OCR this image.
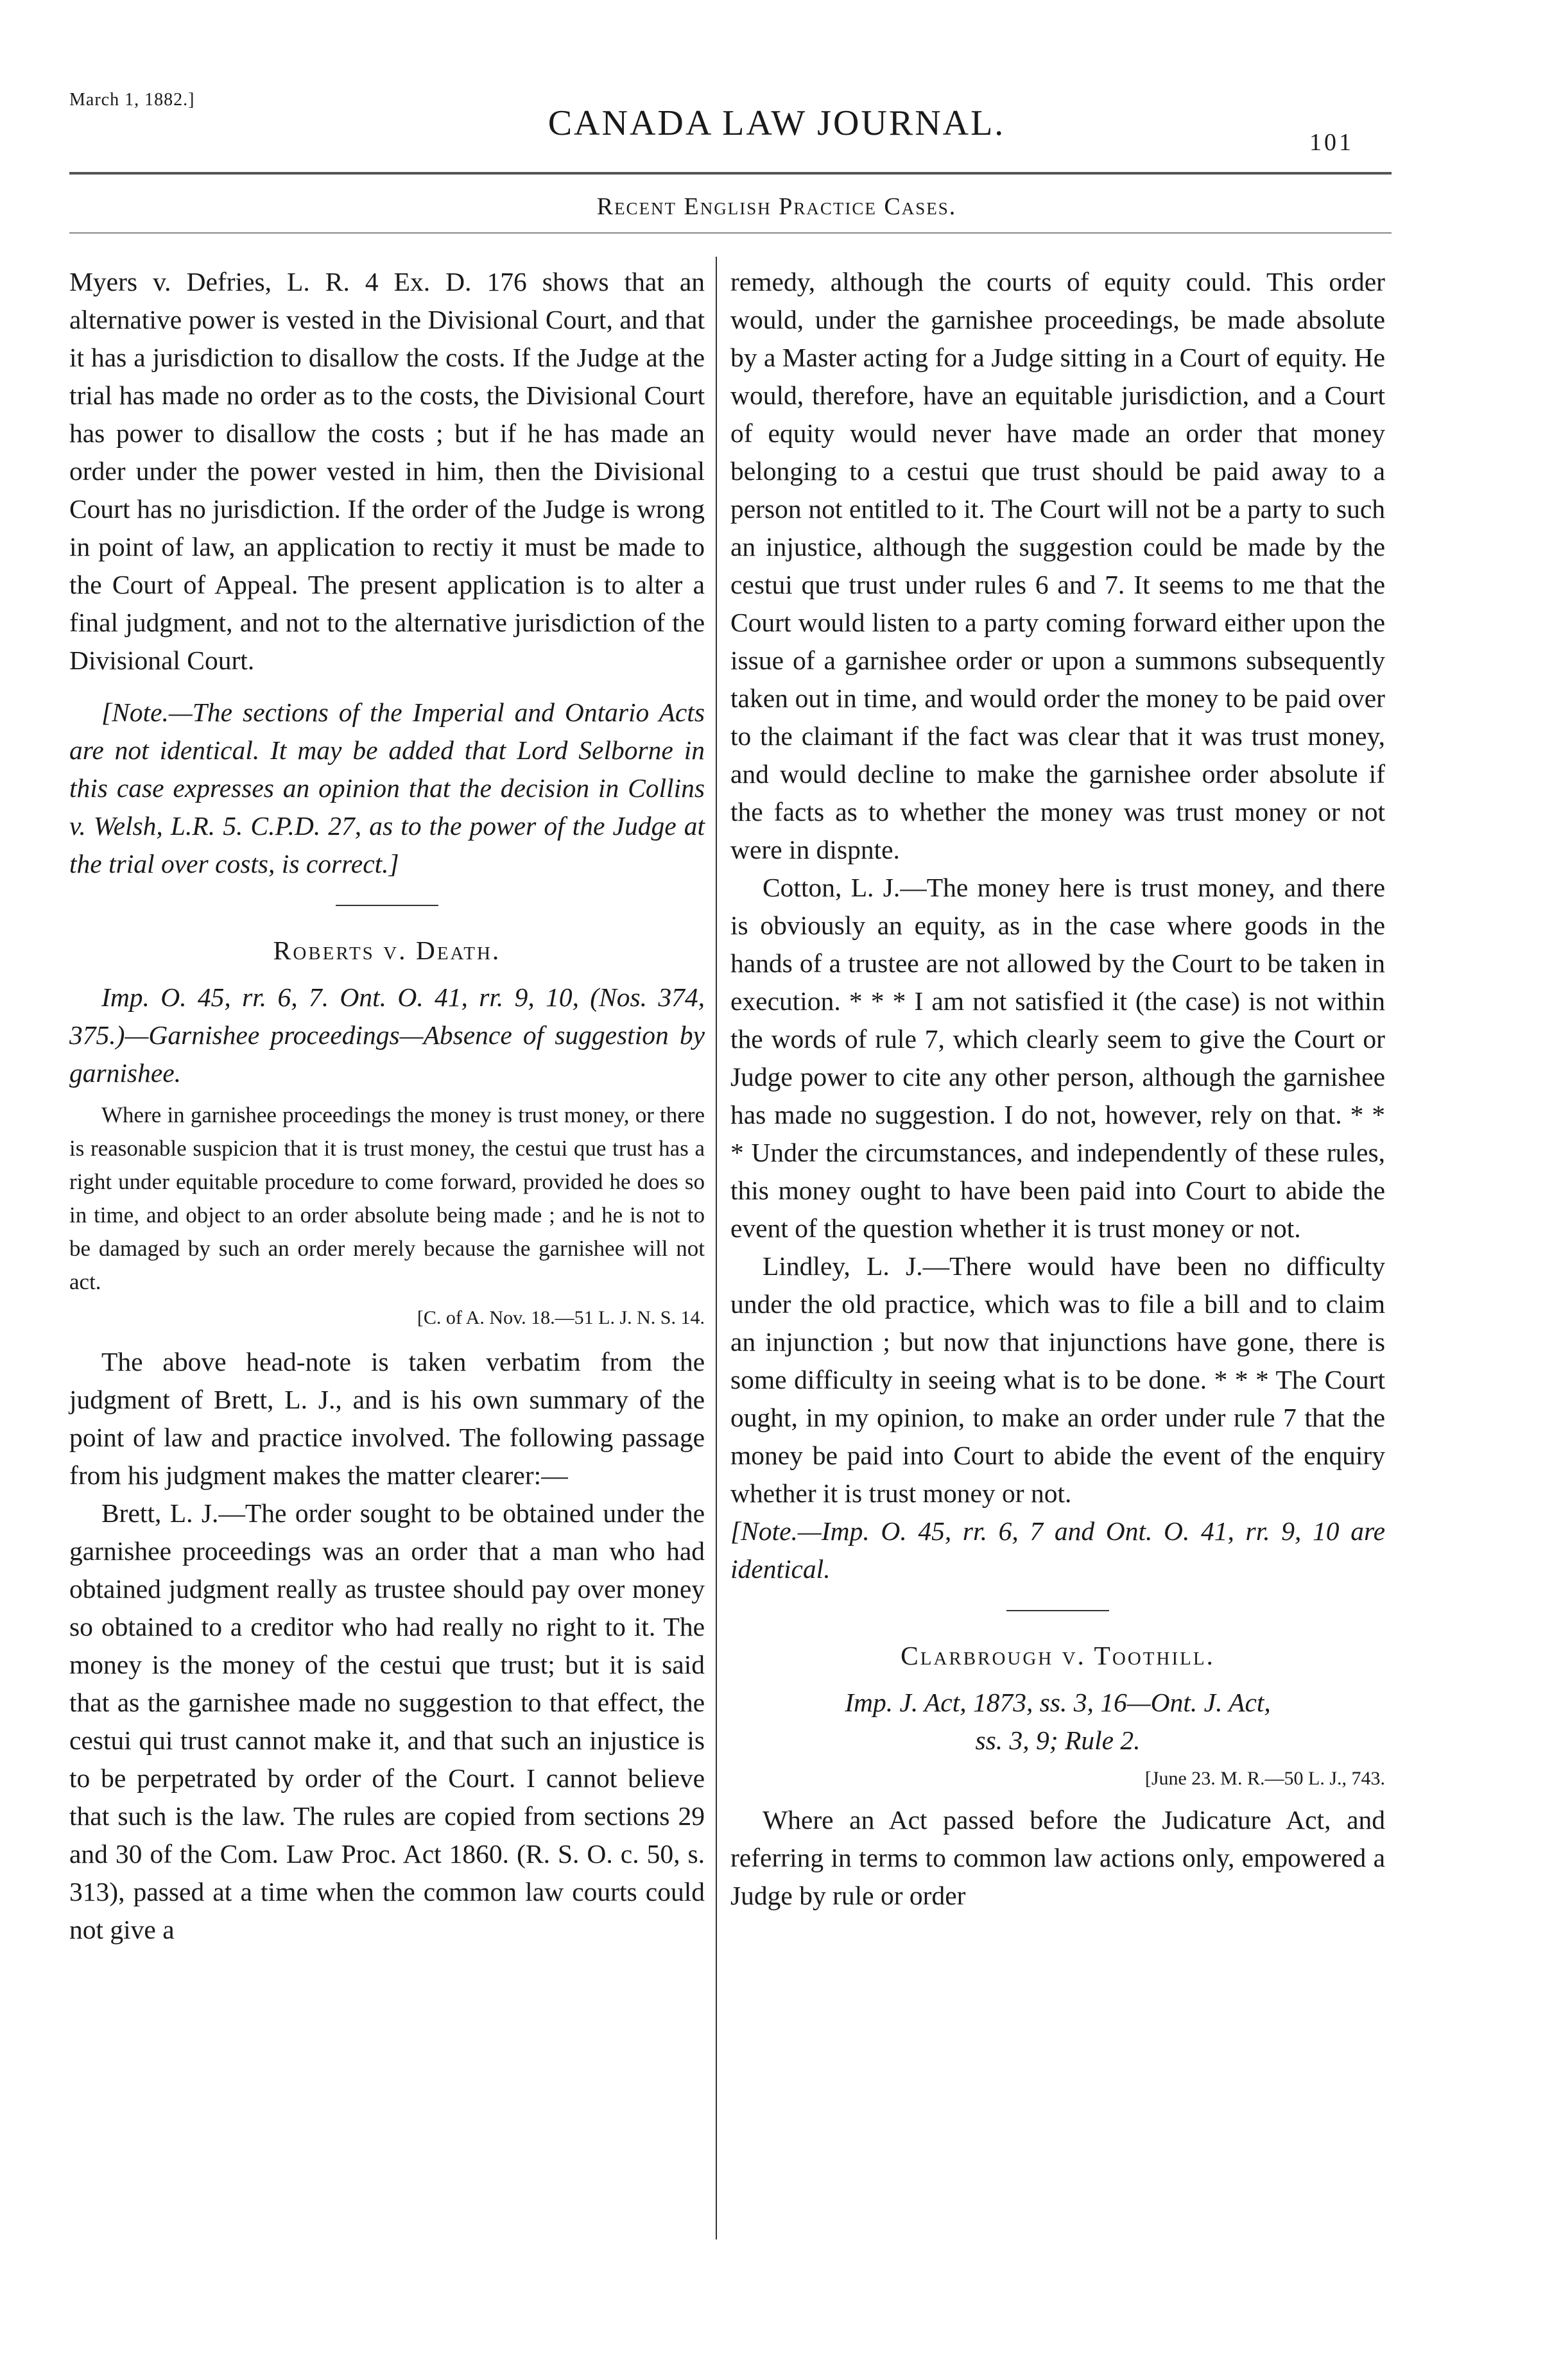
March 1, 1882.]
CANADA LAW JOURNAL.	101
Recent English Practice Cases.

Myers v. Defries, L. R. 4 Ex. D. 176 shows that an alternative power is vested in the Divisional Court, and that it has a jurisdiction to disallow the costs. If the Judge at the trial has made no order as to the costs, the Divisional Court has power to disallow the costs ; but if he has made an order under the power vested in him, then the Divisional Court has no jurisdiction. If the order of the Judge is wrong in point of law, an application to rectiy it must be made to the Court of Appeal. The present application is to alter a final judgment, and not to the alternative jurisdiction of the Divisional Court.

[Note.—The sections of the Imperial and Ontario Acts are not identical. It may be added that Lord Selborne in this case expresses an opinion that the decision in Collins v. Welsh, L.R. 5. C.P.D. 27, as to the power of the Judge at the trial over costs, is correct.]

Roberts v. Death.

Imp. O. 45, rr. 6, 7. Ont. O. 41, rr. 9, 10, (Nos. 374, 375.)—Garnishee proceedings—Absence of suggestion by garnishee.

Where in garnishee proceedings the money is trust money, or there is reasonable suspicion that it is trust money, the cestui que trust has a right under equitable procedure to come forward, provided he does so in time, and object to an order absolute being made ; and he is not to be damaged by such an order merely because the garnishee will not act.

[C. of A. Nov. 18.—51 L. J. N. S. 14.

The above head-note is taken verbatim from the judgment of Brett, L. J., and is his own summary of the point of law and practice involved. The following passage from his judgment makes the matter clearer:—

Brett, L. J.—The order sought to be obtained under the garnishee proceedings was an order that a man who had obtained judgment really as trustee should pay over money so obtained to a creditor who had really no right to it. The money is the money of the cestui que trust; but it is said that as the garnishee made no suggestion to that effect, the cestui qui trust cannot make it, and that such an injustice is to be perpetrated by order of the Court. I cannot believe that such is the law. The rules are copied from sections 29 and 30 of the Com. Law Proc. Act 1860. (R. S. O. c. 50, s. 313), passed at a time when the common law courts could not give a

remedy, although the courts of equity could. This order would, under the garnishee proceedings, be made absolute by a Master acting for a Judge sitting in a Court of equity. He would, therefore, have an equitable jurisdiction, and a Court of equity would never have made an order that money belonging to a cestui que trust should be paid away to a person not entitled to it. The Court will not be a party to such an injustice, although the suggestion could be made by the cestui que trust under rules 6 and 7. It seems to me that the Court would listen to a party coming forward either upon the issue of a garnishee order or upon a summons subsequently taken out in time, and would order the money to be paid over to the claimant if the fact was clear that it was trust money, and would decline to make the garnishee order absolute if the facts as to whether the money was trust money or not were in dispnte.

Cotton, L. J.—The money here is trust money, and there is obviously an equity, as in the case where goods in the hands of a trustee are not allowed by the Court to be taken in execution. * * * I am not satisfied it (the case) is not within the words of rule 7, which clearly seem to give the Court or Judge power to cite any other person, although the garnishee has made no suggestion. I do not, however, rely on that. * * * Under the circumstances, and independently of these rules, this money ought to have been paid into Court to abide the event of the question whether it is trust money or not.

Lindley, L. J.—There would have been no difficulty under the old practice, which was to file a bill and to claim an injunction ; but now that injunctions have gone, there is some difficulty in seeing what is to be done. * * * The Court ought, in my opinion, to make an order under rule 7 that the money be paid into Court to abide the event of the enquiry whether it is trust money or not.

[Note.—Imp. O. 45, rr. 6, 7 and Ont. O. 41, rr. 9, 10 are identical.

Clarbrough v. Toothill.

Imp. J. Act, 1873, ss. 3, 16—Ont. J. Act,

ss. 3, 9; Rule 2.

[June 23. M. R.—50 L. J., 743.

Where an Act passed before the Judicature Act, and referring in terms to common law actions only, empowered a Judge by rule or order
